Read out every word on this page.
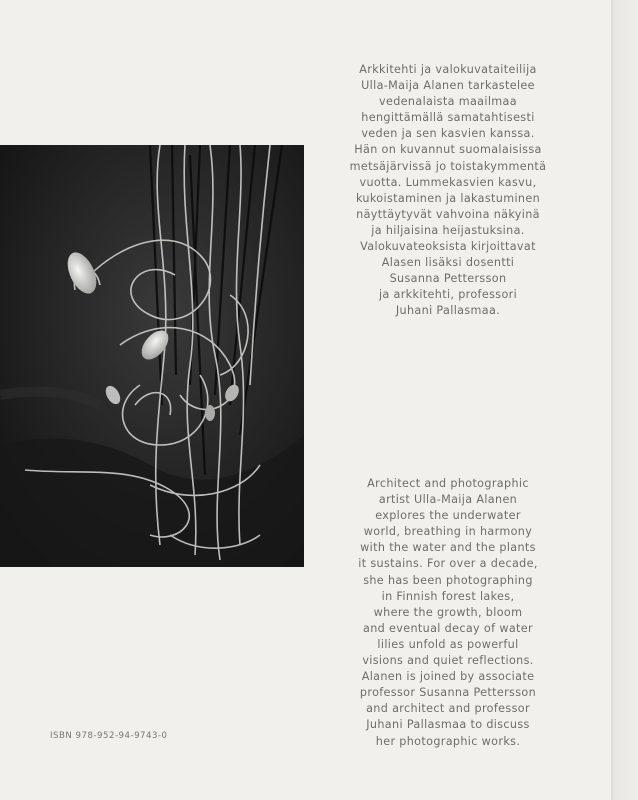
Arkkitehti ja valokuvataiteilija
Ulla-Maija Alanen tarkastelee
vedenalaista maailmaa
hengittämällä samatahtisesti
veden ja sen kasvien kanssa.
Hän on kuvannut suomalaisissa
metsäjärvissä jo toistakymmentä
vuotta. Lummekasvien kasvu,
kukoistaminen ja lakastuminen
näyttäytyvät vahvoina näkyinä
ja hiljaisina heijastuksina.
Valokuvateoksista kirjoittavat
Alasen lisäksi dosentti
Susanna Pettersson
ja arkkitehti, professori
Juhani Pallasmaa.
Architect and photographic
artist Ulla-Maija Alanen
explores the underwater
world, breathing in harmony
with the water and the plants
it sustains. For over a decade,
she has been photographing
in Finnish forest lakes,
where the growth, bloom
and eventual decay of water
lilies unfold as powerful
visions and quiet reflections.
Alanen is joined by associate
professor Susanna Pettersson
and architect and professor
Juhani Pallasmaa to discuss
her photographic works.
ISBN 978-952-94-9743-0
